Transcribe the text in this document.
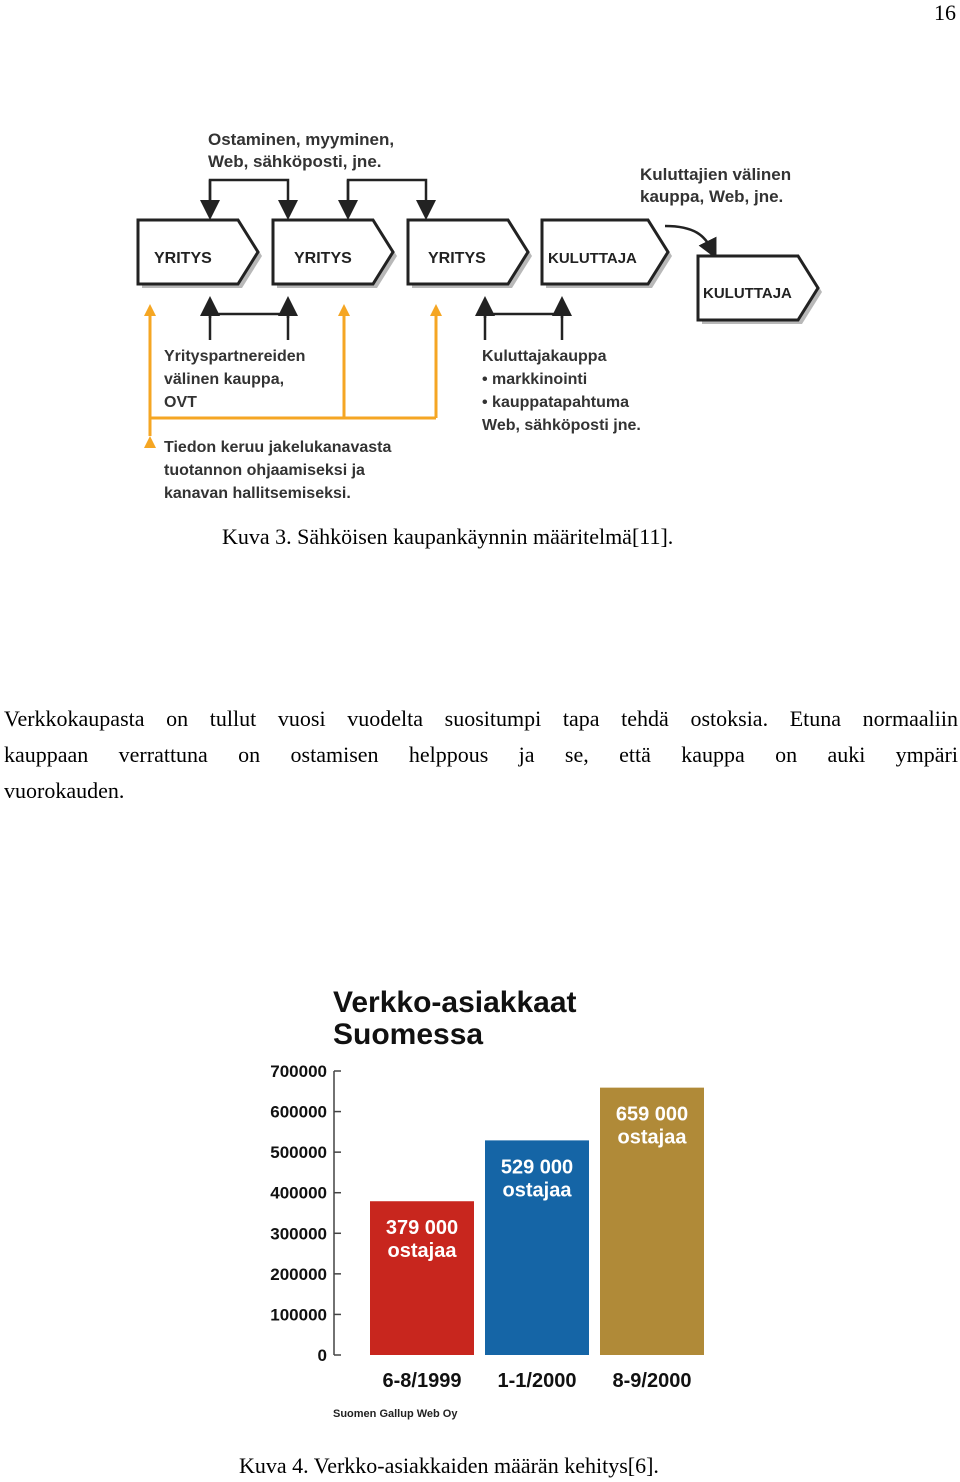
16
Ostaminen, myyminen,
Web, sähköposti, jne.
Kuluttajien välinen
kauppa, Web, jne.
YRITYS	YRITYS	YRITYS	KULUTTAJA
KULUTTAJA
Yrityspartnereiden
välinen kauppa,
OVT
Kuluttajakauppa
• markkinointi
• kauppatapahtuma
Web, sähköposti jne.
Tiedon keruu jakelukanavasta
tuotannon ohjaamiseksi ja
kanavan hallitsemiseksi.
Kuva 3. Sähköisen kaupankäynnin määritelmä[11].
Verkkokaupasta on tullut vuosi vuodelta suositumpi tapa tehdä ostoksia. Etuna normaaliin
kauppaan verrattuna on ostamisen helppous ja se, että kauppa on auki ympäri
vuorokauden.
Verkko-asiakkaat
Suomessa
0
100000
200000
300000
400000
500000
600000
700000
379 000
ostajaa
529 000
ostajaa
659 000
ostajaa
6-8/1999 1-1/2000 8-9/2000
Suomen Gallup Web Oy
Kuva 4. Verkko-asiakkaiden määrän kehitys[6].
